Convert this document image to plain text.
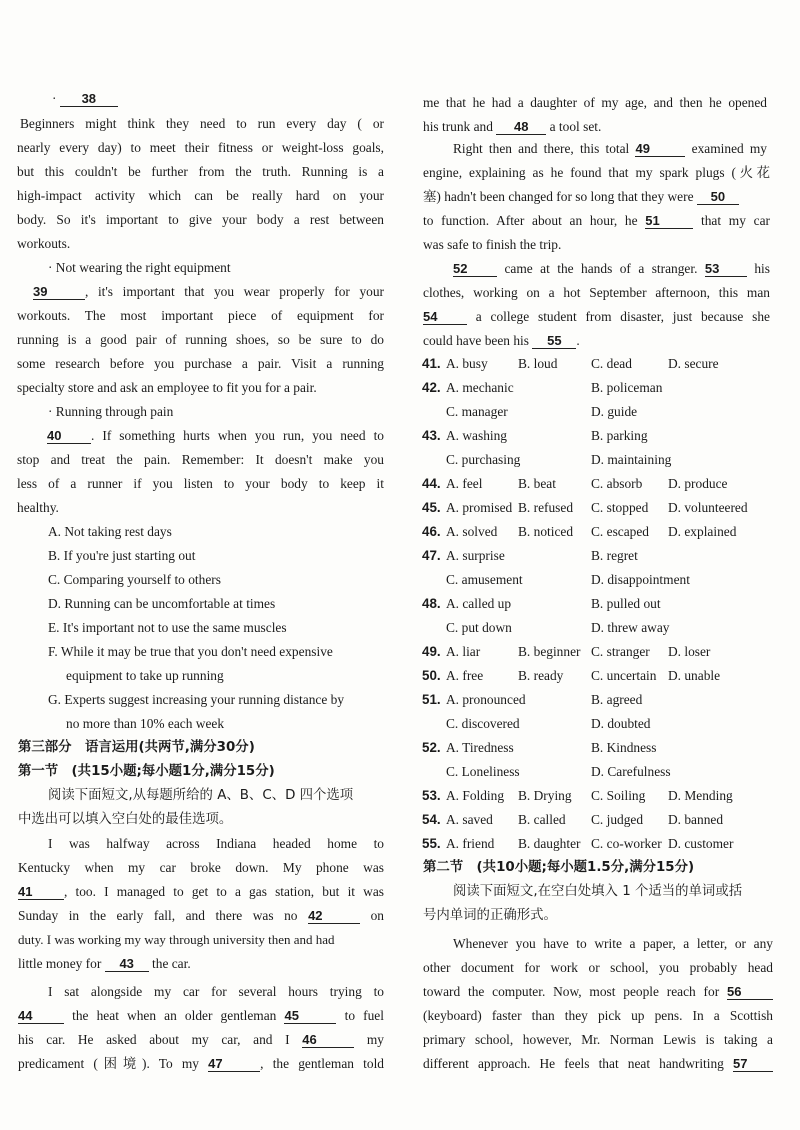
· 38
Beginners might think they need to run every day ( or
nearly every day) to meet their fitness or weight-loss goals,
but this couldn't be further from the truth. Running is a
high-impact activity which can be really hard on your
body. So it's important to give your body a rest between
workouts.
· Not wearing the right equipment
39	, it's important that you wear properly for your
workouts. The most important piece of equipment for
running is a good pair of running shoes, so be sure to do
some research before you purchase a pair. Visit a running
specialty store and ask an employee to fit you for a pair.
· Running through pain
40 . If something hurts when you run, you need to
stop and treat the pain. Remember: It doesn't make you
less of a runner if you listen to your body to keep it
healthy.
A. Not taking rest days
B. If you're just starting out
C. Comparing yourself to others
D. Running can be uncomfortable at times
E. It's important not to use the same muscles
F. While it may be true that you don't need expensive
equipment to take up running
G. Experts suggest increasing your running distance by
no more than 10% each week
第三部分　语言运用(共两节,满分30分)
第一节　(共15小题;每小题1分,满分15分)
阅读下面短文,从每题所给的 A、B、C、D 四个选项
中选出可以填入空白处的最佳选项。
I was halfway across Indiana headed home to
Kentucky when my car broke down. My phone was
41 , too. I managed to get to a gas station, but it was
Sunday in the early fall, and there was no 42	on
duty. I was working my way through university then and had
little money for 43 the car.
I sat alongside my car for several hours trying to
44	the heat when an older gentleman 45	to fuel
his car. He asked about my car, and I 46	my
predicament (困境). To my 47	, the gentleman told
me that he had a daughter of my age, and then he opened
his trunk and 48 a tool set.
Right then and there, this total 49	examined my
engine, explaining as he found that my spark plugs (火花
塞) hadn't been changed for so long that they were 50
to function. After about an hour, he 51	that my car
was safe to finish the trip.
52	came at the hands of a stranger. 53	his
clothes, working on a hot September afternoon, this man
54	a college student from disaster, just because she
could have been his 55 .
41. A. busy B. loud	C. dead	D. secure
42. A. mechanic	B. policeman
C. manager	D. guide
43. A. washing	B. parking
C. purchasing	D. maintaining
44. A. feel	B. beat	C. absorb D. produce
45. A. promised B. refused C. stopped D. volunteered
46. A. solved B. noticed C. escaped D. explained
47. A. surprise	B. regret
C. amusement	D. disappointment
48. A. called up	B. pulled out
C. put down	D. threw away
49. A. liar	B. beginner C. stranger D. loser
50. A. free	B. ready C. uncertain D. unable
51. A. pronounced	B. agreed
C. discovered	D. doubted
52. A. Tiredness	B. Kindness
C. Loneliness	D. Carefulness
53. A. Folding B. Drying C. Soiling D. Mending
54. A. saved B. called C. judged D. banned
55. A. friend B. daughter C. co-worker D. customer
第二节　(共10小题;每小题1.5分,满分15分)
阅读下面短文,在空白处填入 1 个适当的单词或括
号内单词的正确形式。
Whenever you have to write a paper, a letter, or any
other document for work or school, you probably head
toward the computer. Now, most people reach for 56
(keyboard) faster than they pick up pens. In a Scottish
primary school, however, Mr. Norman Lewis is taking a
different approach. He feels that neat handwriting 57
